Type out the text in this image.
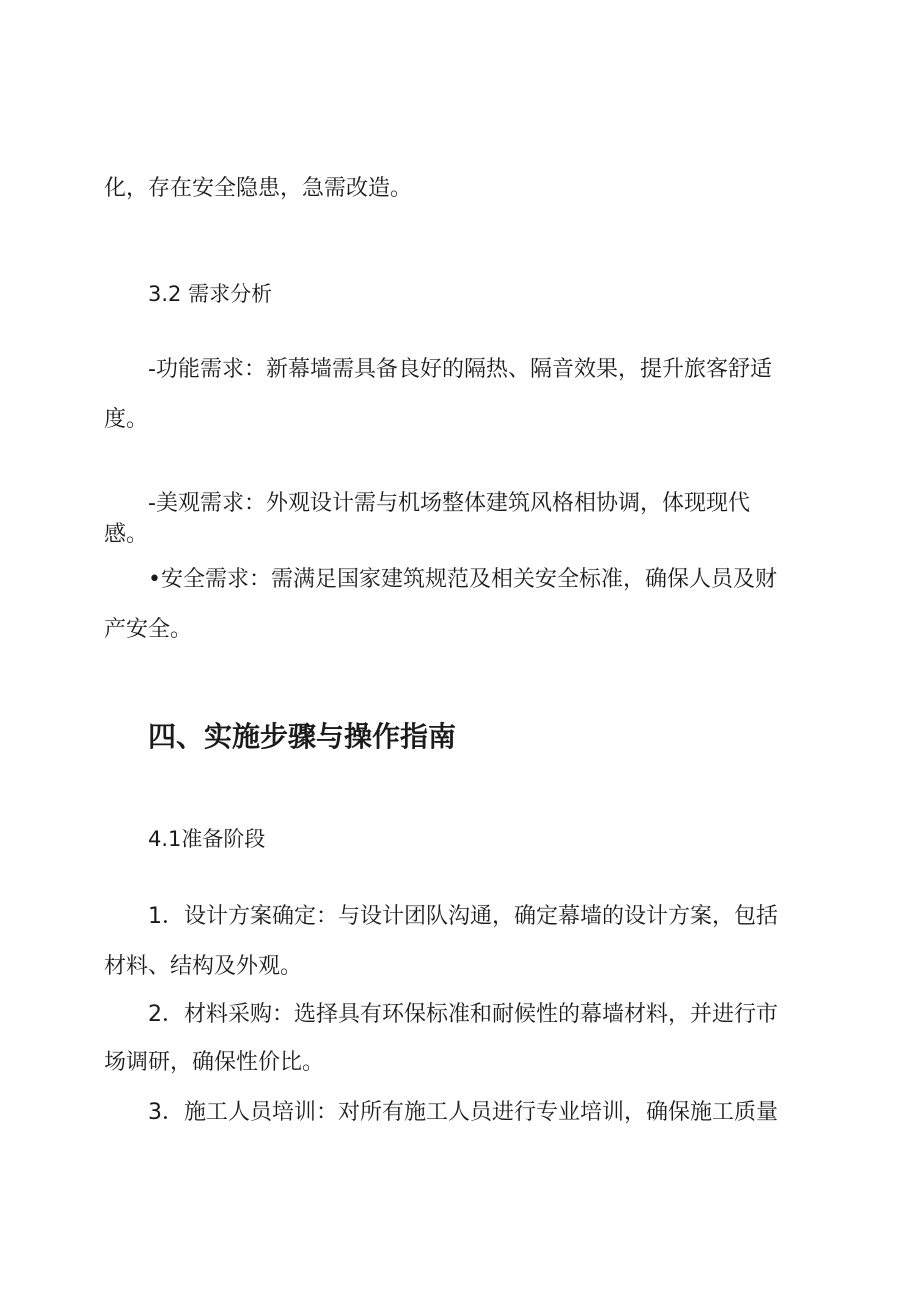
化，存在安全隐患，急需改造。
3.2 需求分析
-功能需求：新幕墙需具备良好的隔热、隔音效果，提升旅客舒适
度。
-美观需求：外观设计需与机场整体建筑风格相协调，体现现代
感。
•安全需求：需满足国家建筑规范及相关安全标准，确保人员及财
产安全。
四、实施步骤与操作指南
4.1准备阶段
1．设计方案确定：与设计团队沟通，确定幕墙的设计方案，包括
材料、结构及外观。
2．材料采购：选择具有环保标准和耐候性的幕墙材料，并进行市
场调研，确保性价比。
3．施工人员培训：对所有施工人员进行专业培训，确保施工质量
